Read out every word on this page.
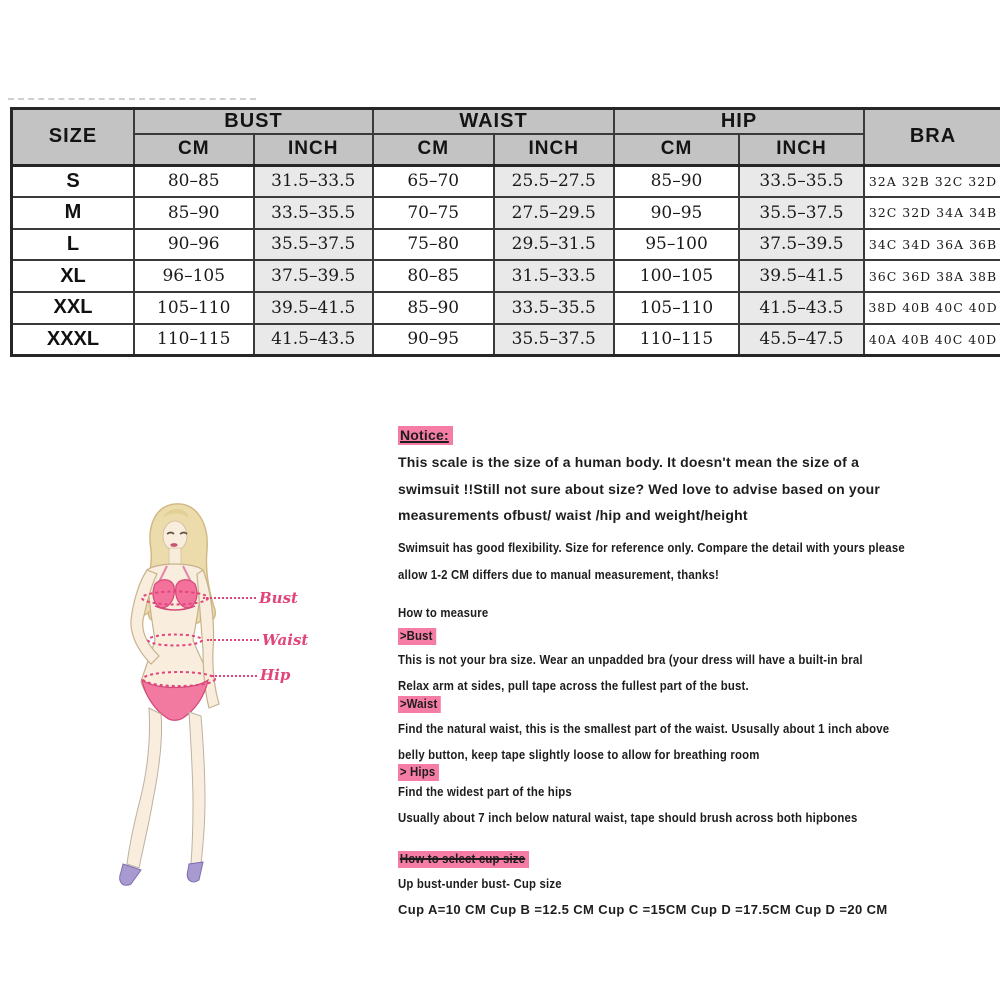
SIZE	BUST		WAIST		HIP		BRA
	CM	INCH	CM	INCH	CM	INCH	
S	80–85	31.5–33.5	65–70	25.5–27.5	85–90	33.5–35.5	32A 32B 32C 32D
M	85–90	33.5–35.5	70–75	27.5–29.5	90–95	35.5–37.5	32C 32D 34A 34B
L	90–96	35.5–37.5	75–80	29.5–31.5	95–100	37.5–39.5	34C 34D 36A 36B
XL	96–105	37.5–39.5	80–85	31.5–33.5	100–105	39.5–41.5	36C 36D 38A 38B
XXL	105–110	39.5–41.5	85–90	33.5–35.5	105–110	41.5–43.5	38D 40B 40C 40D
XXXL	110–115	41.5–43.5	90–95	35.5–37.5	110–115	45.5–47.5	40A 40B 40C 40D
Bust
Waist
Hip
Notice:
This scale is the size of a human body. It doesn't mean the size of a
swimsuit !!Still not sure about size? Wed love to advise based on your
measurements ofbust/ waist /hip and weight/height
Swimsuit has good flexibility. Size for reference only. Compare the detail with yours please
allow 1-2 CM differs due to manual measurement, thanks!
How to measure
>Bust
This is not your bra size. Wear an unpadded bra (your dress will have a built-in bral
Relax arm at sides, pull tape across the fullest part of the bust.
>Waist
Find the natural waist, this is the smallest part of the waist. Ususally about 1 inch above
belly button, keep tape slightly loose to allow for breathing room
> Hips
Find the widest part of the hips
Usually about 7 inch below natural waist, tape should brush across both hipbones
How to select cup size
Up bust-under bust- Cup size
Cup A=10 CM Cup B =12.5 CM Cup C =15CM Cup D =17.5CM Cup D =20 CM
